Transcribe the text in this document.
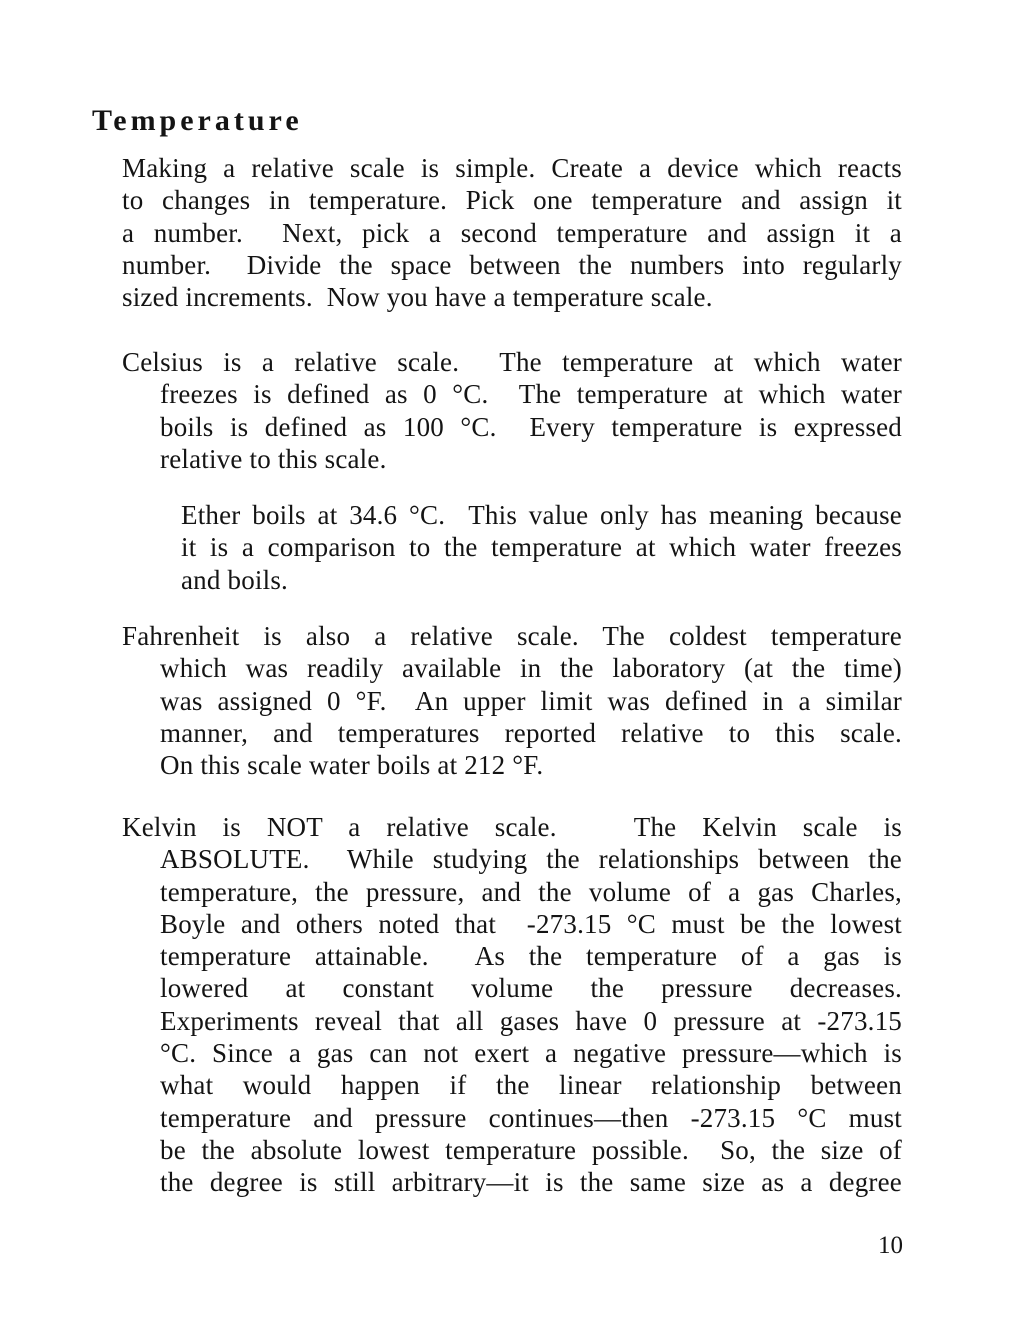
Temperature
Making a relative scale is simple. Create a device which reacts
to changes in temperature. Pick one temperature and assign it
a number.  Next, pick a second temperature and assign it a
number.  Divide the space between the numbers into regularly
sized increments.  Now you have a temperature scale.
Celsius is a relative scale.  The temperature at which water
freezes is defined as 0 °C.  The temperature at which water
boils is defined as 100 °C.  Every temperature is expressed
relative to this scale.
Ether boils at 34.6 °C.  This value only has meaning because
it is a comparison to the temperature at which water freezes
and boils.
Fahrenheit is also a relative scale. The coldest temperature
which was readily available in the laboratory (at the time)
was assigned 0 °F.  An upper limit was defined in a similar
manner, and temperatures reported relative to this scale.
On this scale water boils at 212 °F.
Kelvin is NOT a relative scale.   The Kelvin scale is
ABSOLUTE.  While studying the relationships between the
temperature, the pressure, and the volume of a gas Charles,
Boyle and others noted that  -273.15 °C must be the lowest
temperature attainable.  As the temperature of a gas is
lowered at constant volume the pressure decreases.
Experiments reveal that all gases have 0 pressure at -273.15
°C. Since a gas can not exert a negative pressure—which is
what would happen if the linear relationship between
temperature and pressure continues—then -273.15 °C must
be the absolute lowest temperature possible.  So, the size of
the degree is still arbitrary—it is the same size as a degree
10
